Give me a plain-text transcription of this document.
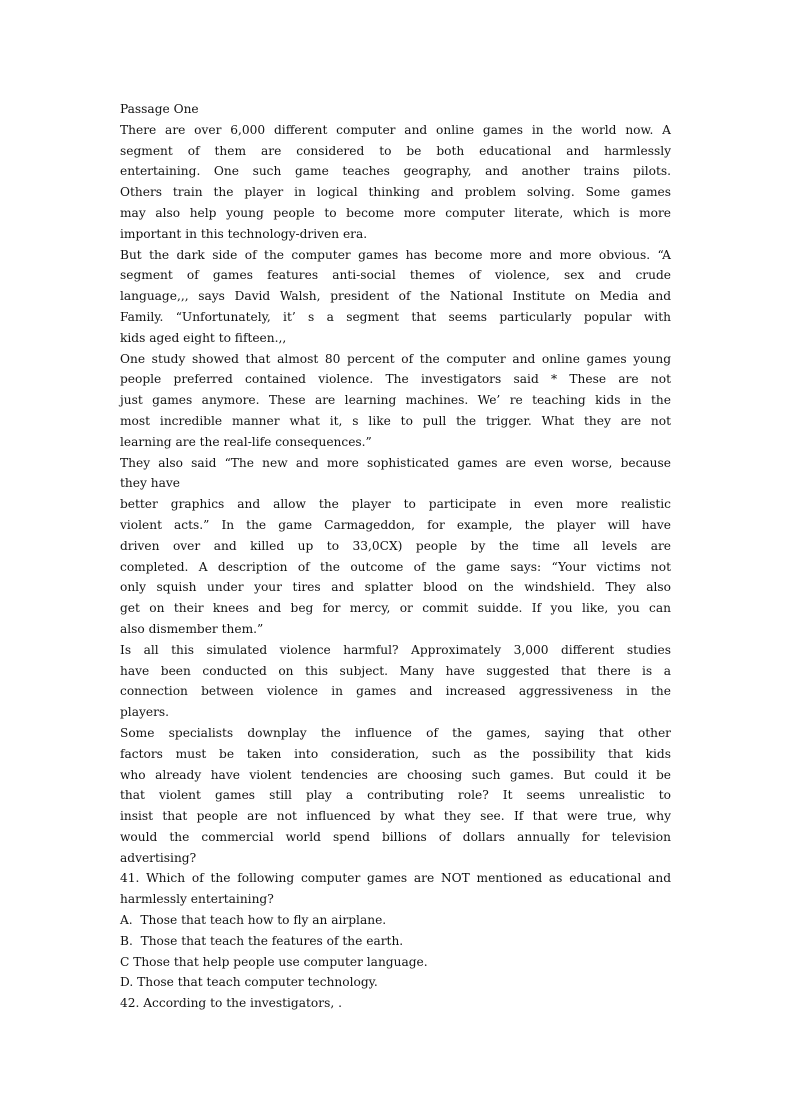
Passage One
There are over 6,000 different computer and online games in the world now. A
segment of them are considered to be both educational and harmlessly
entertaining. One such game teaches geography, and another trains pilots.
Others train the player in logical thinking and problem solving. Some games
may also help young people to become more computer literate, which is more
important in this technology-driven era.
But the dark side of the computer games has become more and more obvious. “A
segment of games features anti-social themes of violence, sex and crude
language,,, says David Walsh, president of the National Institute on Media and
Family. “Unfortunately, it’ s a segment that seems particularly popular with
kids aged eight to fifteen.,,
One study showed that almost 80 percent of the computer and online games young
people preferred contained violence. The investigators said * These are not
just games anymore. These are learning machines. We’ re teaching kids in the
most incredible manner what it, s like to pull the trigger. What they are not
learning are the real-life consequences.”
They also said “The new and more sophisticated games are even worse, because
they have
better graphics and allow the player to participate in even more realistic
violent acts.” In the game Carmageddon, for example, the player will have
driven over and killed up to 33,0CX) people by the time all levels are
completed. A description of the outcome of the game says: “Your victims not
only squish under your tires and splatter blood on the windshield. They also
get on their knees and beg for mercy, or commit suidde. If you like, you can
also dismember them.”
Is all this simulated violence harmful? Approximately 3,000 different studies
have been conducted on this subject. Many have suggested that there is a
connection between violence in games and increased aggressiveness in the
players.
Some specialists downplay the influence of the games, saying that other
factors must be taken into consideration, such as the possibility that kids
who already have violent tendencies are choosing such games. But could it be
that violent games still play a contributing role? It seems unrealistic to
insist that people are not influenced by what they see. If that were true, why
would the commercial world spend billions of dollars annually for television
advertising?
41. Which of the following computer games are NOT mentioned as educational and
harmlessly entertaining?
A.  Those that teach how to fly an airplane.
B.  Those that teach the features of the earth.
C Those that help people use computer language.
D. Those that teach computer technology.
42. According to the investigators, .
